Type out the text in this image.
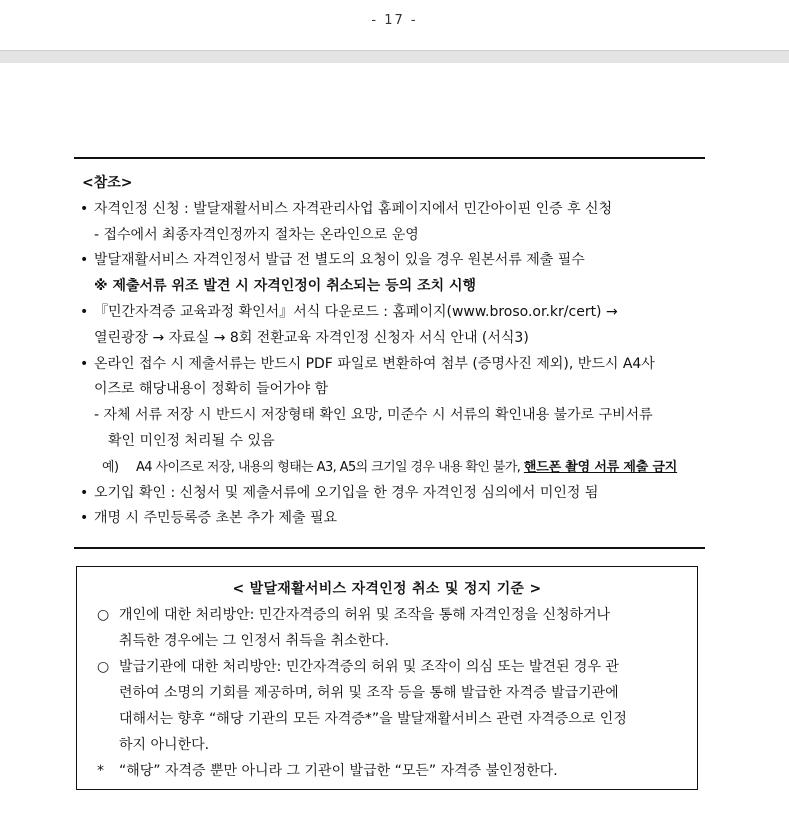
- 17 -
<참조>
• 자격인정 신청 : 발달재활서비스 자격관리사업 홈페이지에서 민간아이핀 인증 후 신청
- 접수에서 최종자격인정까지 절차는 온라인으로 운영
• 발달재활서비스 자격인정서 발급 전 별도의 요청이 있을 경우 원본서류 제출 필수
※ 제출서류 위조 발견 시 자격인정이 취소되는 등의 조치 시행
• 『민간자격증 교육과정 확인서』서식 다운로드 : 홈페이지(www.broso.or.kr/cert) →
열린광장 → 자료실 → 8회 전환교육 자격인정 신청자 서식 안내 (서식3)
• 온라인 접수 시 제출서류는 반드시 PDF 파일로 변환하여 첨부 (증명사진 제외), 반드시 A4사
이즈로 해당내용이 정확히 들어가야 함
- 자체 서류 저장 시 반드시 저장형태 확인 요망, 미준수 시 서류의 확인내용 불가로 구비서류
확인 미인정 처리될 수 있음
예) A4 사이즈로 저장, 내용의 형태는 A3, A5의 크기일 경우 내용 확인 불가, 핸드폰 촬영 서류 제출 금지
• 오기입 확인 : 신청서 및 제출서류에 오기입을 한 경우 자격인정 심의에서 미인정 됨
• 개명 시 주민등록증 초본 추가 제출 필요
< 발달재활서비스 자격인정 취소 및 정지 기준 >
○ 개인에 대한 처리방안: 민간자격증의 허위 및 조작을 통해 자격인정을 신청하거나
취득한 경우에는 그 인정서 취득을 취소한다.
○ 발급기관에 대한 처리방안: 민간자격증의 허위 및 조작이 의심 또는 발견된 경우 관
련하여 소명의 기회를 제공하며, 허위 및 조작 등을 통해 발급한 자격증 발급기관에
대해서는 향후 “해당 기관의 모든 자격증*”을 발달재활서비스 관련 자격증으로 인정
하지 아니한다.
* “해당” 자격증 뿐만 아니라 그 기관이 발급한 “모든” 자격증 불인정한다.
